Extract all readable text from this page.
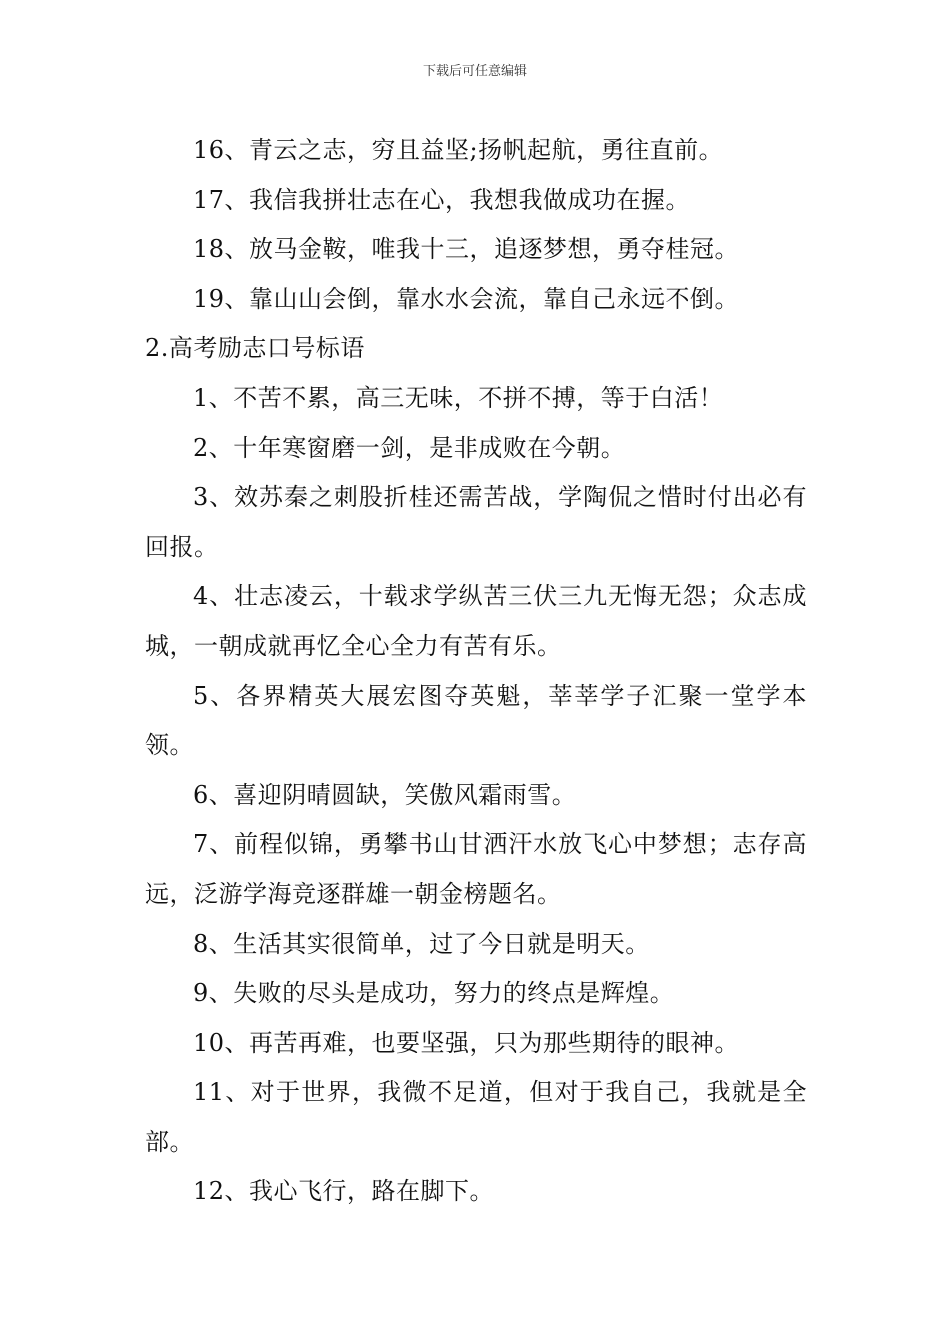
下载后可任意编辑

16、青云之志，穷且益坚;扬帆起航，勇往直前。

17、我信我拼壮志在心，我想我做成功在握。

18、放马金鞍，唯我十三，追逐梦想，勇夺桂冠。

19、靠山山会倒，靠水水会流，靠自己永远不倒。

2.高考励志口号标语

1、不苦不累，高三无味，不拼不搏，等于白活！

2、十年寒窗磨一剑，是非成败在今朝。

3、效苏秦之刺股折桂还需苦战，学陶侃之惜时付出必有回报。

4、壮志凌云，十载求学纵苦三伏三九无悔无怨；众志成城，一朝成就再忆全心全力有苦有乐。

5、各界精英大展宏图夺英魁，莘莘学子汇聚一堂学本领。

6、喜迎阴晴圆缺，笑傲风霜雨雪。

7、前程似锦，勇攀书山甘洒汗水放飞心中梦想；志存高远，泛游学海竞逐群雄一朝金榜题名。

8、生活其实很简单，过了今日就是明天。

9、失败的尽头是成功，努力的终点是辉煌。

10、再苦再难，也要坚强，只为那些期待的眼神。

11、对于世界，我微不足道，但对于我自己，我就是全部。

12、我心飞行，路在脚下。
